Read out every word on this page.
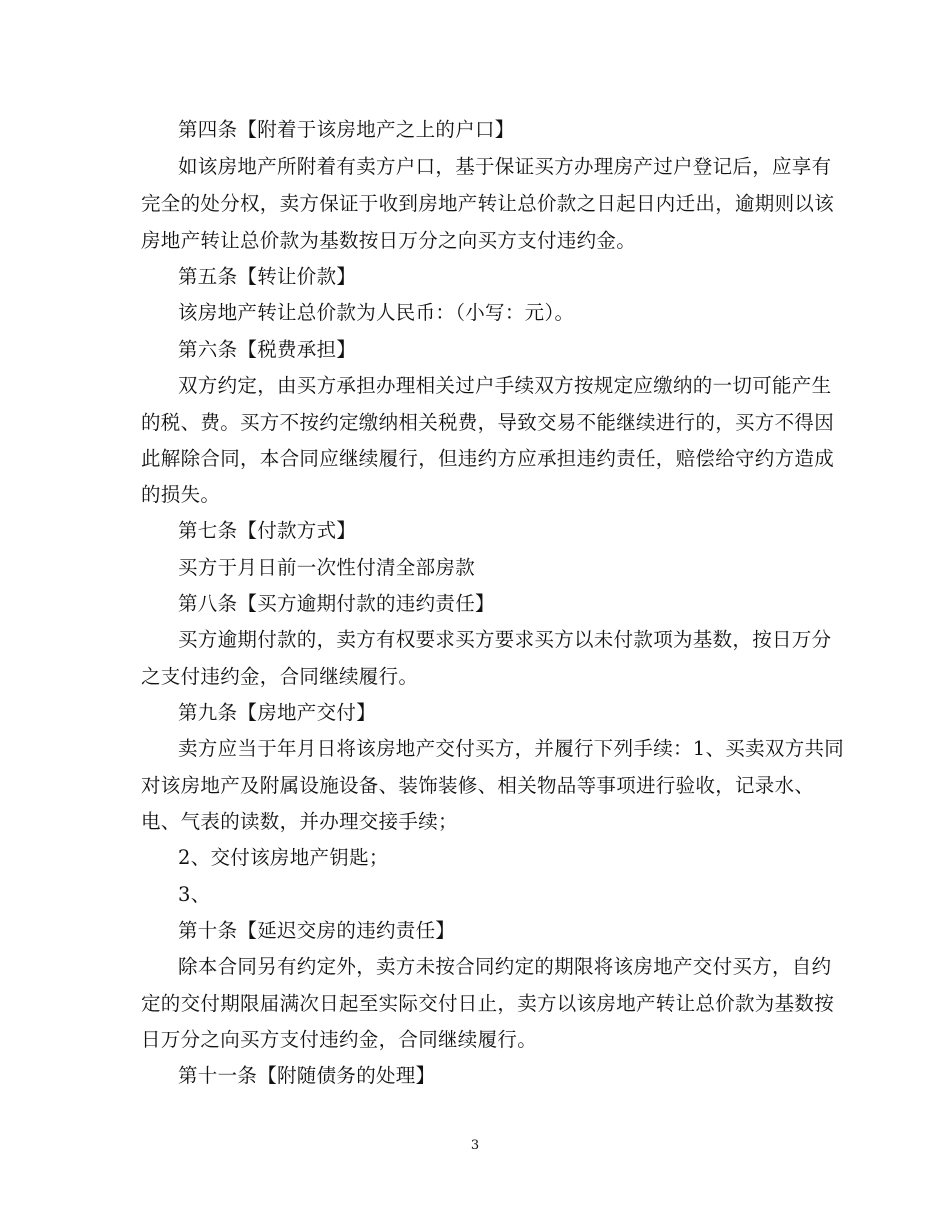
第四条【附着于该房地产之上的户口】
如该房地产所附着有卖方户口，基于保证买方办理房产过户登记后，应享有
完全的处分权，卖方保证于收到房地产转让总价款之日起日内迁出，逾期则以该
房地产转让总价款为基数按日万分之向买方支付违约金。
第五条【转让价款】
该房地产转让总价款为人民币：（小写：元）。
第六条【税费承担】
双方约定，由买方承担办理相关过户手续双方按规定应缴纳的一切可能产生
的税、费。买方不按约定缴纳相关税费，导致交易不能继续进行的，买方不得因
此解除合同，本合同应继续履行，但违约方应承担违约责任，赔偿给守约方造成
的损失。
第七条【付款方式】
买方于月日前一次性付清全部房款
第八条【买方逾期付款的违约责任】
买方逾期付款的，卖方有权要求买方要求买方以未付款项为基数，按日万分
之支付违约金，合同继续履行。
第九条【房地产交付】
卖方应当于年月日将该房地产交付买方，并履行下列手续：1、买卖双方共同
对该房地产及附属设施设备、装饰装修、相关物品等事项进行验收，记录水、
电、气表的读数，并办理交接手续；
2、交付该房地产钥匙；
3、
第十条【延迟交房的违约责任】
除本合同另有约定外，卖方未按合同约定的期限将该房地产交付买方，自约
定的交付期限届满次日起至实际交付日止，卖方以该房地产转让总价款为基数按
日万分之向买方支付违约金，合同继续履行。
第十一条【附随债务的处理】
3
